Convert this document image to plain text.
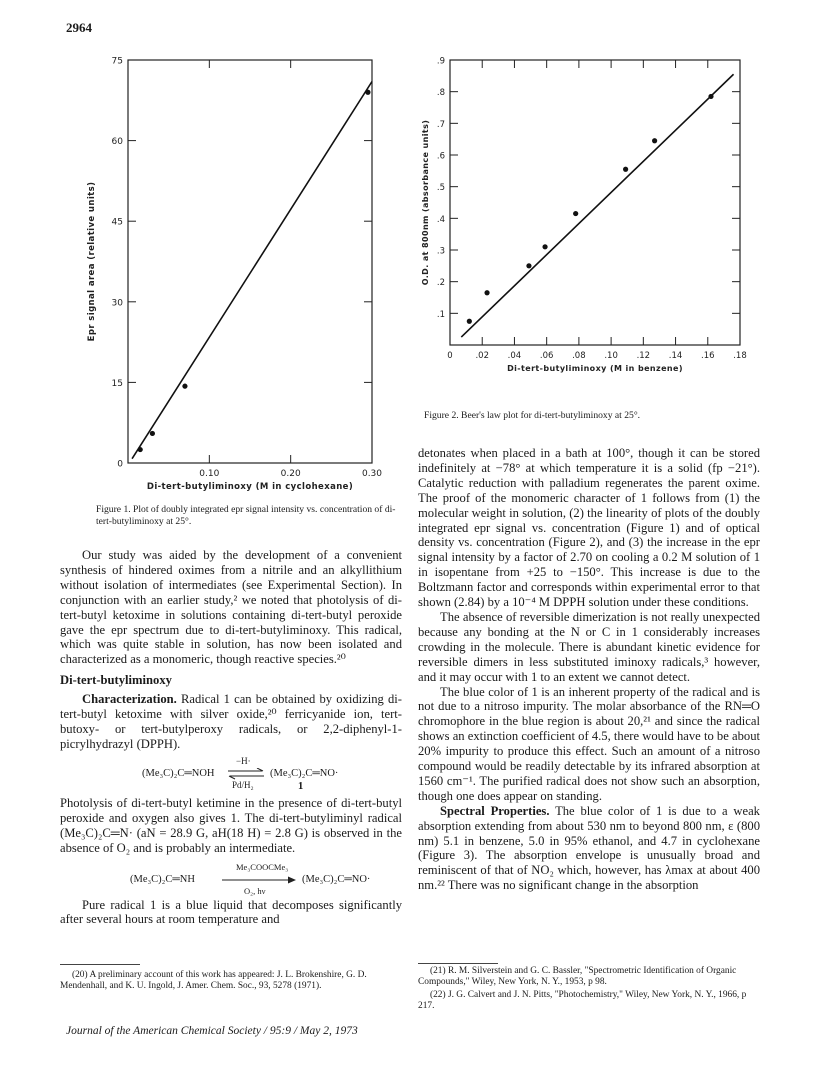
2964
0.10	0.20	0.30
0
15
30
45
60
75
Di-tert-butyliminoxy (M in cyclohexane)
Epr signal area (relative units)

Figure 1. Plot of doubly integrated epr signal intensity vs. concentration of di-tert-butyliminoxy at 25°.

0	.02 .04 .06 .08 .10 .12 .14 .16 .18
.1
.2
.3
.4
.5
.6
.7
.8
.9
Di-tert-butyliminoxy (M in benzene)
O.D. at 800nm (absorbance units)

Figure 2. Beer's law plot for di-tert-butyliminoxy at 25°.

Our study was aided by the development of a convenient synthesis of hindered oximes from a nitrile and an alkyllithium without isolation of intermediates (see Experimental Section). In conjunction with an earlier study,² we noted that photolysis of di-tert-butyl ketoxime in solutions containing di-tert-butyl peroxide gave the epr spectrum due to di-tert-butyliminoxy. This radical, which was quite stable in solution, has now been isolated and characterized as a monomeric, though reactive species.²⁰

Di-tert-butyliminoxy

Characterization. Radical 1 can be obtained by oxidizing di-tert-butyl ketoxime with silver oxide,²⁰ ferricyanide ion, tert-butoxy- or tert-butylperoxy radicals, or 2,2-diphenyl-1-picrylhydrazyl (DPPH).

(Me₃C)₂C═NOH
−H·
Pd/H₂
(Me₃C)₂C═NO·
1

Photolysis of di-tert-butyl ketimine in the presence of di-tert-butyl peroxide and oxygen also gives 1. The di-tert-butyliminyl radical (Me₃C)₂C═N· (aN = 28.9 G, aH(18 H) = 2.8 G) is observed in the absence of O₂ and is probably an intermediate.

(Me₃C)₂C═NH
Me₃COOCMe₃
O₂, hν
(Me₃C)₂C═NO·

Pure radical 1 is a blue liquid that decomposes significantly after several hours at room temperature and

(20) A preliminary account of this work has appeared: J. L. Brokenshire, G. D. Mendenhall, and K. U. Ingold, J. Amer. Chem. Soc., 93, 5278 (1971).

detonates when placed in a bath at 100°, though it can be stored indefinitely at −78° at which temperature it is a solid (fp −21°). Catalytic reduction with palladium regenerates the parent oxime. The proof of the monomeric character of 1 follows from (1) the molecular weight in solution, (2) the linearity of plots of the doubly integrated epr signal vs. concentration (Figure 1) and of optical density vs. concentration (Figure 2), and (3) the increase in the epr signal intensity by a factor of 2.70 on cooling a 0.2 M solution of 1 in isopentane from +25 to −150°. This increase is due to the Boltzmann factor and corresponds within experimental error to that shown (2.84) by a 10⁻⁴ M DPPH solution under these conditions.

The absence of reversible dimerization is not really unexpected because any bonding at the N or C in 1 considerably increases crowding in the molecule. There is abundant kinetic evidence for reversible dimers in less substituted iminoxy radicals,³ however, and it may occur with 1 to an extent we cannot detect.

The blue color of 1 is an inherent property of the radical and is not due to a nitroso impurity. The molar absorbance of the RN═O chromophore in the blue region is about 20,²¹ and since the radical shows an extinction coefficient of 4.5, there would have to be about 20% impurity to produce this effect. Such an amount of a nitroso compound would be readily detectable by its infrared absorption at 1560 cm⁻¹. The purified radical does not show such an absorption, though one does appear on standing.

Spectral Properties. The blue color of 1 is due to a weak absorption extending from about 530 nm to beyond 800 nm, ε (800 nm) 5.1 in benzene, 5.0 in 95% ethanol, and 4.7 in cyclohexane (Figure 3). The absorption envelope is unusually broad and reminiscent of that of NO₂ which, however, has λmax at about 400 nm.²² There was no significant change in the absorption

(21) R. M. Silverstein and G. C. Bassler, "Spectrometric Identification of Organic Compounds," Wiley, New York, N. Y., 1953, p 98.

(22) J. G. Calvert and J. N. Pitts, "Photochemistry," Wiley, New York, N. Y., 1966, p 217.

Journal of the American Chemical Society / 95:9 / May 2, 1973
